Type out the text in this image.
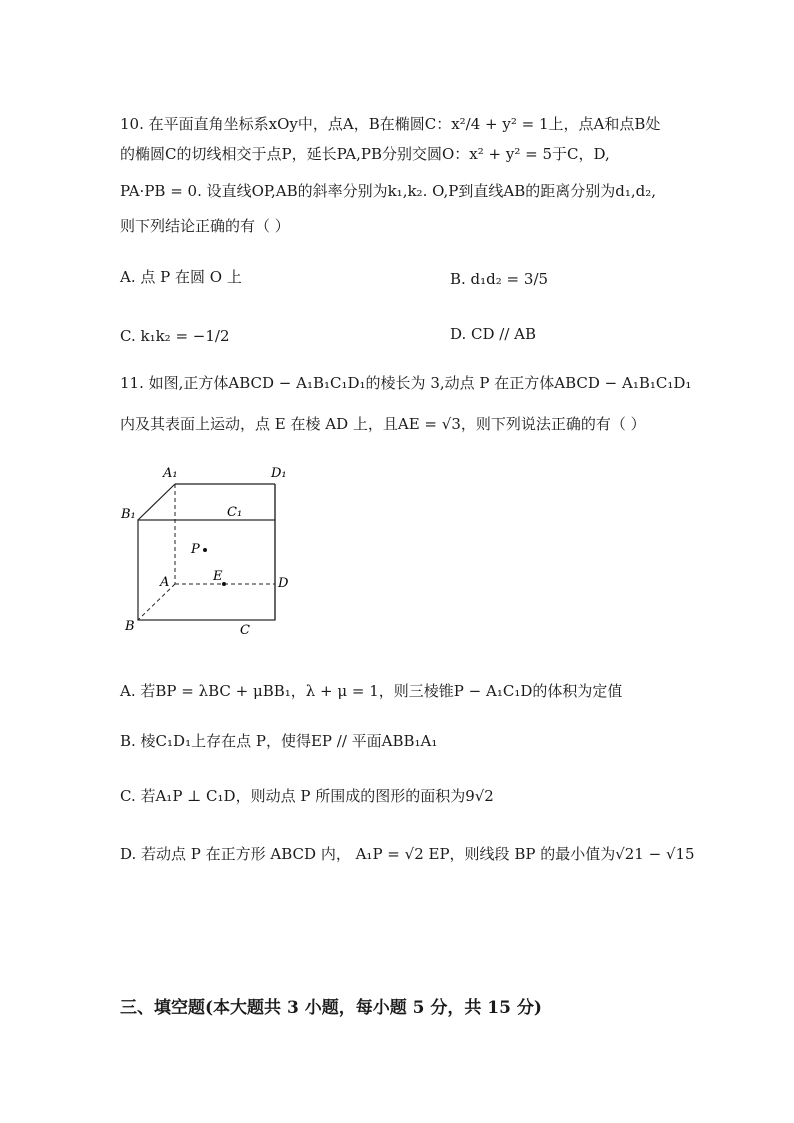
10. 在平面直角坐标系xOy中，点A，B在椭圆C：x²/4 + y² = 1上，点A和点B处
的椭圆C的切线相交于点P，延长PA,PB分别交圆O：x² + y² = 5于C，D,
PA·PB = 0. 设直线OP,AB的斜率分别为k₁,k₂. O,P到直线AB的距离分别为d₁,d₂,
则下列结论正确的有（ ）
A. 点 P 在圆 O 上	B. d₁d₂ = 3/5
C. k₁k₂ = −1/2	D. CD // AB
11. 如图,正方体ABCD − A₁B₁C₁D₁的棱长为 3,动点 P 在正方体ABCD − A₁B₁C₁D₁
内及其表面上运动，点 E 在棱 AD 上，且AE = √3，则下列说法正确的有（ ）
A₁	D₁
B₁	C₁
P
E
A	D
B	C
A. 若BP = λBC + μBB₁，λ + μ = 1，则三棱锥P − A₁C₁D的体积为定值
B. 棱C₁D₁上存在点 P，使得EP // 平面ABB₁A₁
C. 若A₁P ⊥ C₁D，则动点 P 所围成的图形的面积为9√2
D. 若动点 P 在正方形 ABCD 内， A₁P = √2 EP，则线段 BP 的最小值为√21 − √15
三、填空题(本大题共 3 小题，每小题 5 分，共 15 分)
